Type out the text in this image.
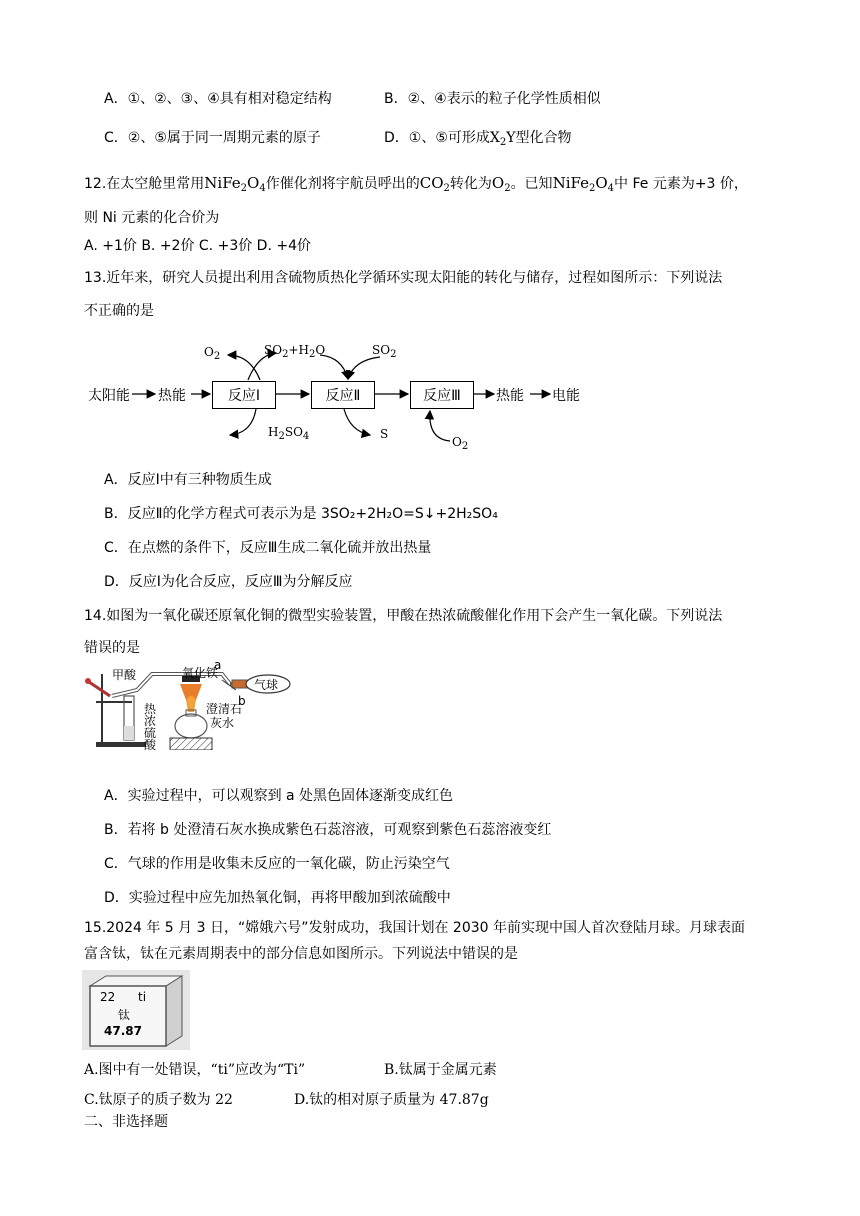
A．①、②、③、④具有相对稳定结构	B．②、④表示的粒子化学性质相似
C．②、⑤属于同一周期元素的原子	D．①、⑤可形成$X_2Y$型化合物
12.在太空舱里常用$NiFe_2O_4$作催化剂将宇航员呼出的$CO_2$转化为$O_2$。已知$NiFe_2O_4$中 Fe 元素为+3 价，
则 Ni 元素的化合价为
A. +1价 B. +2价 C. +3价 D. +4价
13.近年来，研究人员提出利用含硫物质热化学循环实现太阳能的转化与储存，过程如图所示：下列说法
不正确的是
太阳能 热能	反应Ⅰ	反应Ⅱ	反应Ⅲ	热能 电能
$O_2$	$SO_2+H_2O$	$SO_2$
$H_2SO_4$	S
$O_2$
A．反应Ⅰ中有三种物质生成
B．反应Ⅱ的化学方程式可表示为是 3SO₂+2H₂O=S↓+2H₂SO₄
C．在点燃的条件下，反应Ⅲ生成二氧化硫并放出热量
D．反应Ⅰ为化合反应，反应Ⅲ为分解反应
14.如图为一氧化碳还原氧化铜的微型实验装置，甲酸在热浓硫酸催化作用下会产生一氧化碳。下列说法
错误的是
甲酸	氧化铁
a
b
气球
澄清石
灰水
热
浓
硫
酸
A．实验过程中，可以观察到 a 处黑色固体逐渐变成红色
B．若将 b 处澄清石灰水换成紫色石蕊溶液，可观察到紫色石蕊溶液变红
C．气球的作用是收集未反应的一氧化碳，防止污染空气
D．实验过程中应先加热氧化铜，再将甲酸加到浓硫酸中
15.2024 年 5 月 3 日，“嫦娥六号”发射成功，我国计划在 2030 年前实现中国人首次登陆月球。月球表面
富含钛，钛在元素周期表中的部分信息如图所示。下列说法中错误的是
22 ti
钛
47.87
A.图中有一处错误，“ti”应改为“Ti”	B.钛属于金属元素
C.钛原子的质子数为 22	D.钛的相对原子质量为 47.87g
二、非选择题
